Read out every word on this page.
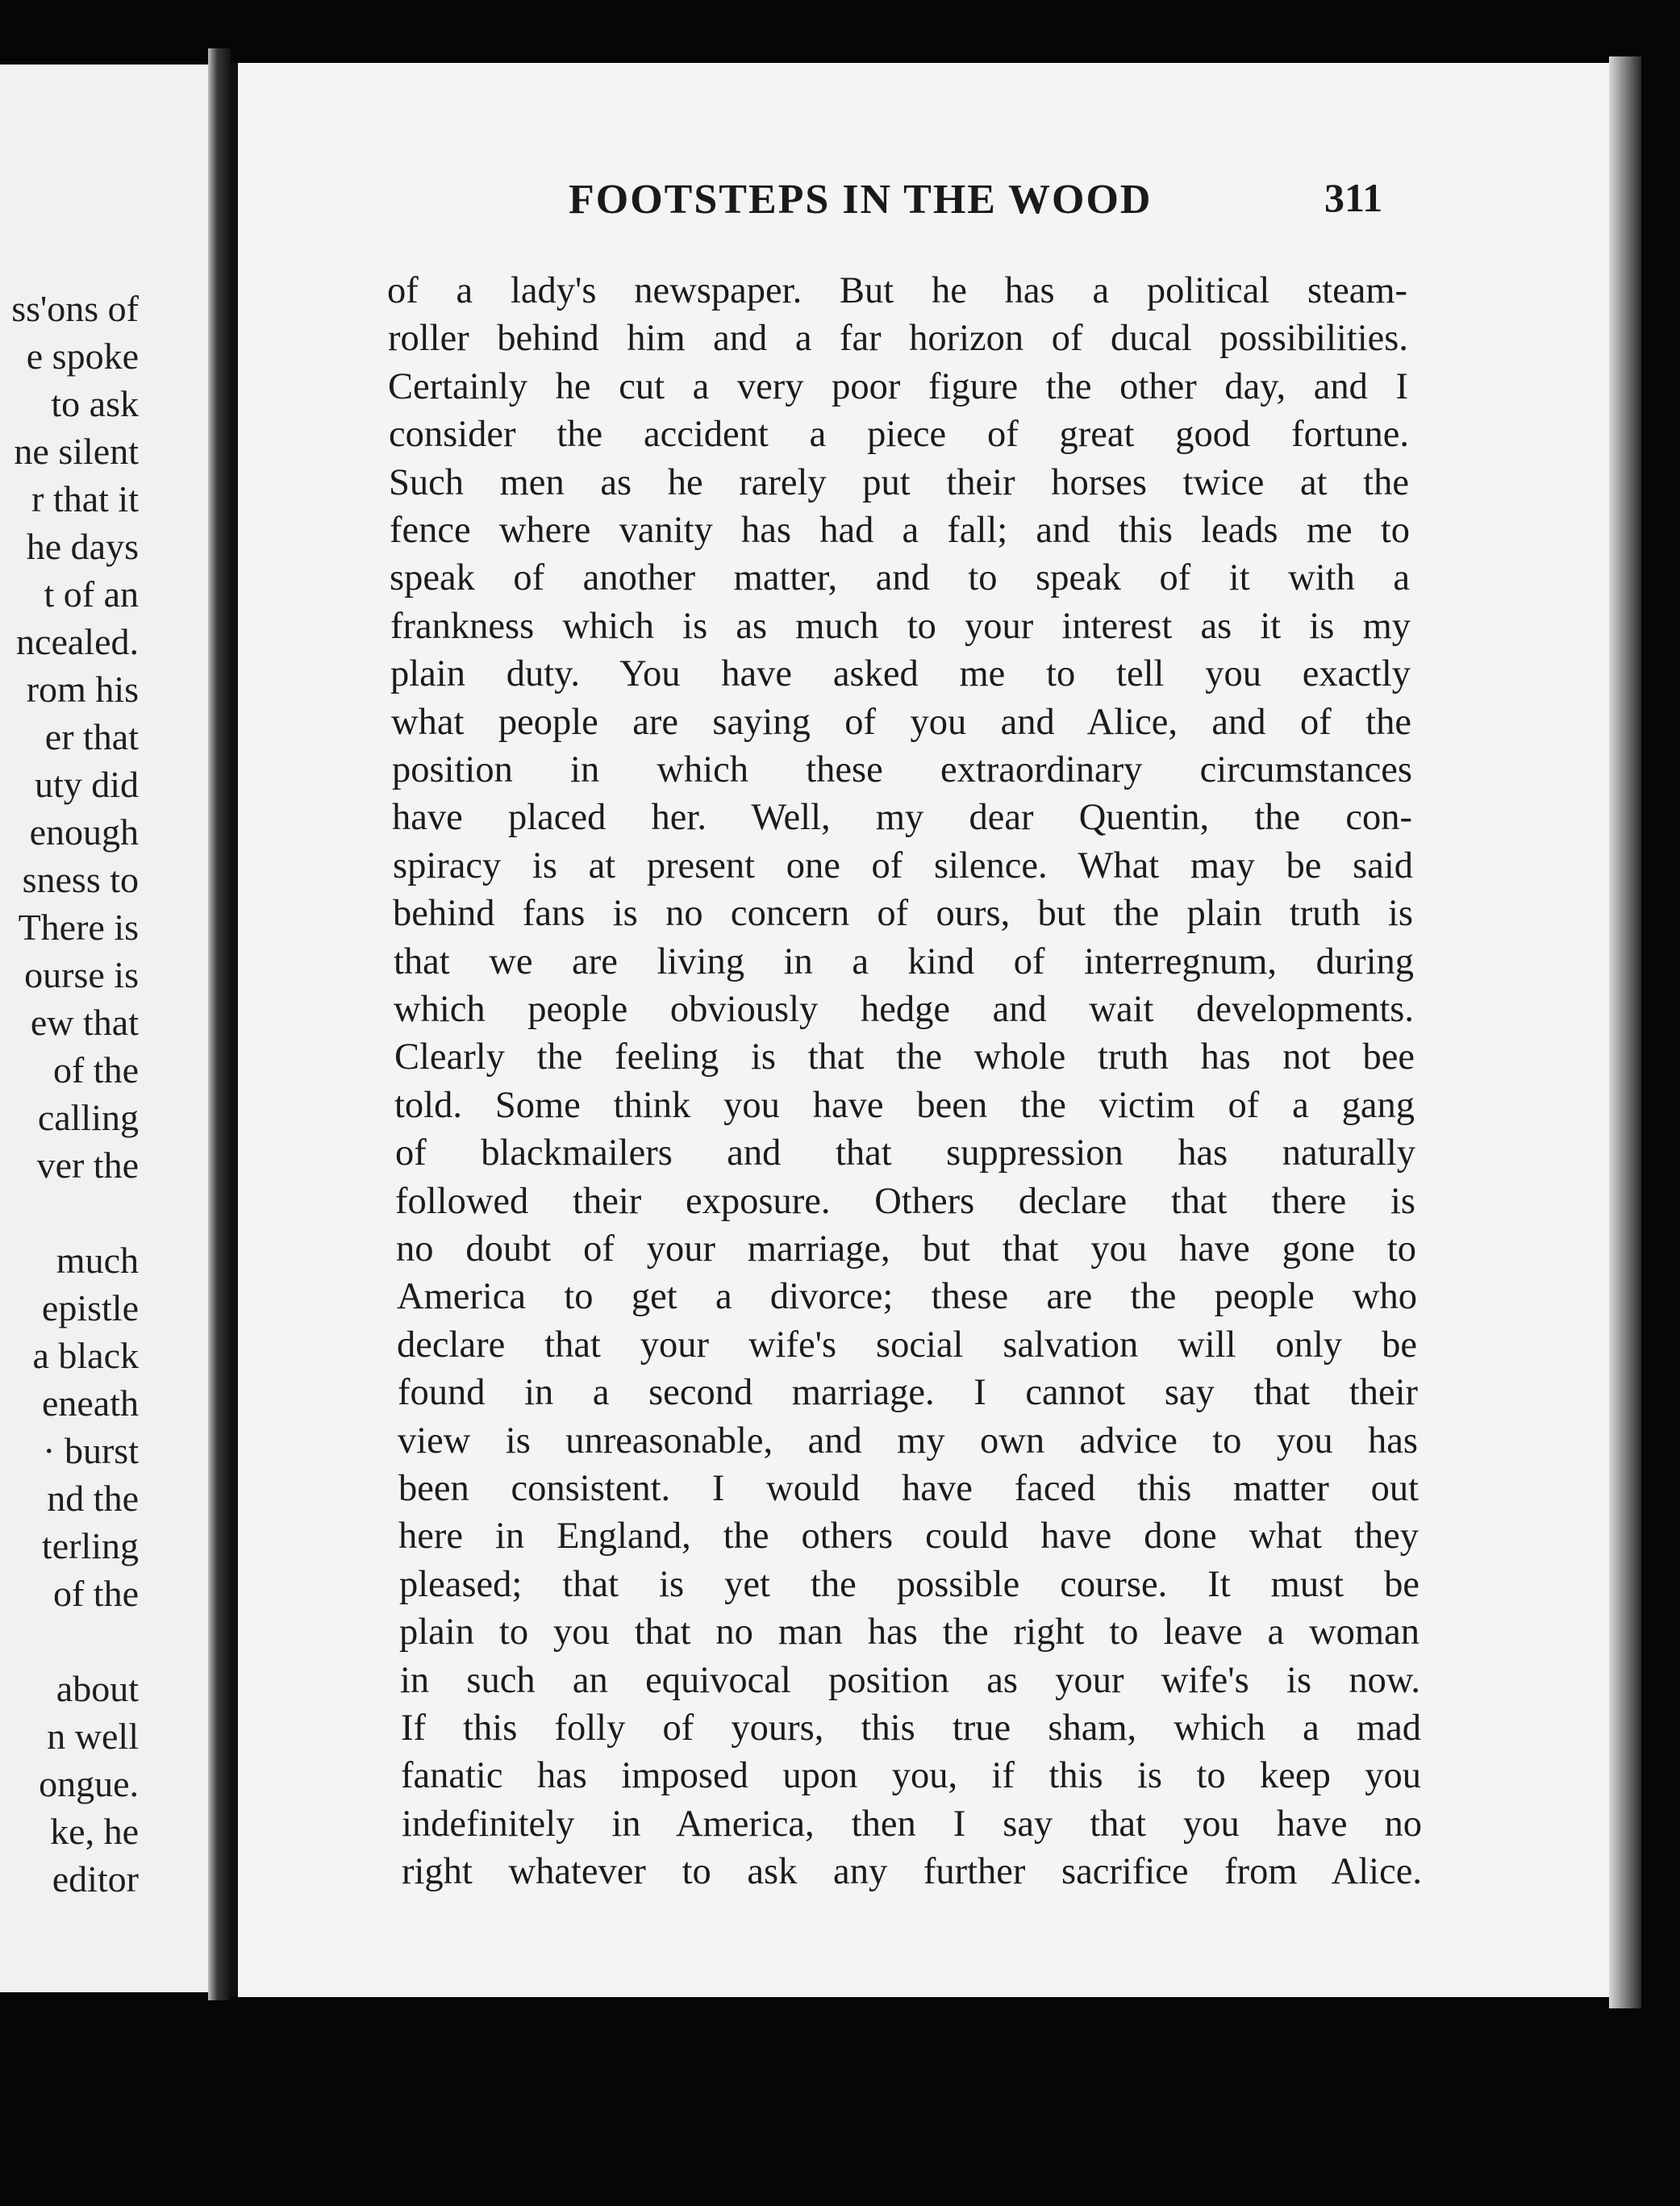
ss'ons of
e spoke
to ask
ne silent
r that it
he days
t of an
ncealed.
rom his
er that
uty did
enough
sness to
There is
ourse is
ew that
of the
calling
ver the
much
epistle
a black
eneath
· burst
nd the
terling
of the
about
n well
ongue.
ke, he
editor
FOOTSTEPS IN THE WOOD	311
of a lady's newspaper. But he has a political steam-
roller behind him and a far horizon of ducal possibilities.
Certainly he cut a very poor figure the other day, and I
consider the accident a piece of great good fortune.
Such men as he rarely put their horses twice at the
fence where vanity has had a fall; and this leads me to
speak of another matter, and to speak of it with a
frankness which is as much to your interest as it is my
plain duty. You have asked me to tell you exactly
what people are saying of you and Alice, and of the
position in which these extraordinary circumstances
have placed her. Well, my dear Quentin, the con-
spiracy is at present one of silence. What may be said
behind fans is no concern of ours, but the plain truth is
that we are living in a kind of interregnum, during
which people obviously hedge and wait developments.
Clearly the feeling is that the whole truth has not bee
told. Some think you have been the victim of a gang
of blackmailers and that suppression has naturally
followed their exposure. Others declare that there is
no doubt of your marriage, but that you have gone to
America to get a divorce; these are the people who
declare that your wife's social salvation will only be
found in a second marriage. I cannot say that their
view is unreasonable, and my own advice to you has
been consistent. I would have faced this matter out
here in England, the others could have done what they
pleased; that is yet the possible course. It must be
plain to you that no man has the right to leave a woman
in such an equivocal position as your wife's is now.
If this folly of yours, this true sham, which a mad
fanatic has imposed upon you, if this is to keep you
indefinitely in America, then I say that you have no
right whatever to ask any further sacrifice from Alice.
